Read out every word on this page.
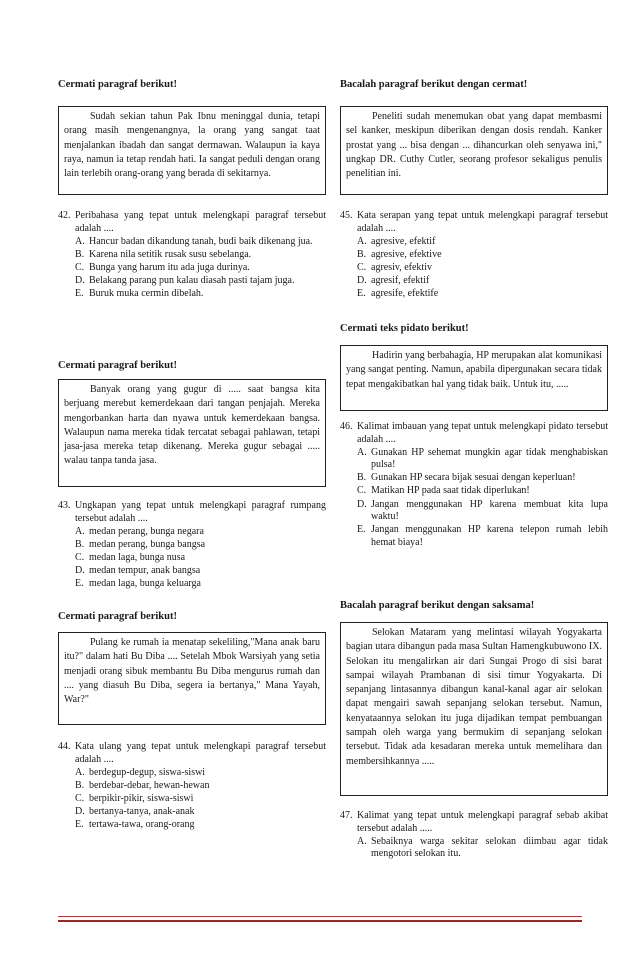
Cermati paragraf berikut!

Sudah sekian tahun Pak Ibnu meninggal dunia, tetapi orang masih mengenangnya, la orang yang sangat taat menjalankan ibadah dan sangat dermawan. Walaupun ia kaya raya, namun ia tetap rendah hati. Ia sangat peduli dengan orang lain terlebih orang-orang yang berada di sekitarnya.

42. Peribahasa yang tepat untuk melengkapi paragraf tersebut adalah ....
A. Hancur badan dikandung tanah, budi baik dikenang jua.
B. Karena nila setitik rusak susu sebelanga.
C. Bunga yang harum itu ada juga durinya.
D. Belakang parang pun kalau diasah pasti tajam juga.
E. Buruk muka cermin dibelah.
Cermati paragraf berikut!

Banyak orang yang gugur di ..... saat bangsa kita berjuang merebut kemerdekaan dari tangan penjajah. Mereka mengorbankan harta dan nyawa untuk kemerdekaan bangsa. Walaupun nama mereka tidak tercatat sebagai pahlawan, tetapi jasa-jasa mereka tetap dikenang. Mereka gugur sebagai ..... walau tanpa tanda jasa.

43. Ungkapan yang tepat untuk melengkapi paragraf rumpang tersebut adalah ....
A. medan perang, bunga negara
B. medan perang, bunga bangsa
C. medan laga, bunga nusa
D. medan tempur, anak bangsa
E. medan laga, bunga keluarga
Cermati paragraf berikut!

Pulang ke rumah ia menatap sekeliling,"Mana anak baru itu?" dalam hati Bu Diba .... Setelah Mbok Warsiyah yang setia menjadi orang sibuk membantu Bu Diba mengurus rumah dan .... yang diasuh Bu Diba, segera ia bertanya," Mana Yayah, War?"

44. Kata ulang yang tepat untuk melengkapi paragraf tersebut adalah ....
A. berdegup-degup, siswa-siswi
B. berdebar-debar, hewan-hewan
C. berpikir-pikir, siswa-siswi
D. bertanya-tanya, anak-anak
E. tertawa-tawa, orang-orang
Bacalah paragraf berikut dengan cermat!

Peneliti sudah menemukan obat yang dapat membasmi sel kanker, meskipun diberikan dengan dosis rendah. Kanker prostat yang ... bisa dengan ... dihancurkan oleh senyawa ini," ungkap DR. Cuthy Cutler, seorang profesor sekaligus penulis penelitian ini.

45. Kata serapan yang tepat untuk melengkapi paragraf tersebut adalah ....
A. agresive, efektif
B. agresive, efektive
C. agresiv, efektiv
D. agresif, efektif
E. agresife, efektife
Cermati teks pidato berikut!

Hadirin yang berbahagia, HP merupakan alat komunikasi yang sangat penting. Namun, apabila dipergunakan secara tidak tepat mengakibatkan hal yang tidak baik. Untuk itu, .....

46. Kalimat imbauan yang tepat untuk melengkapi pidato tersebut adalah ....
A. Gunakan HP sehemat mungkin agar tidak menghabiskan pulsa!
B. Gunakan HP secara bijak sesuai dengan keperluan!
C. Matikan HP pada saat tidak diperlukan!
D. Jangan menggunakan HP karena membuat kita lupa waktu!
E. Jangan menggunakan HP karena telepon rumah lebih hemat biaya!
Bacalah paragraf berikut dengan saksama!

Selokan Mataram yang melintasi wilayah Yogyakarta bagian utara dibangun pada masa Sultan Hamengkubuwono IX. Selokan itu mengalirkan air dari Sungai Progo di sisi barat sampai wilayah Prambanan di sisi timur Yogyakarta. Di sepanjang lintasannya dibangun kanal-kanal agar air selokan dapat mengairi sawah sepanjang selokan tersebut. Namun, kenyataannya selokan itu juga dijadikan tempat pembuangan sampah oleh warga yang bermukim di sepanjang selokan tersebut. Tidak ada kesadaran mereka untuk memelihara dan membersihkannya .....

47. Kalimat yang tepat untuk melengkapi paragraf sebab akibat tersebut adalah .....
A. Sebaiknya warga sekitar selokan diimbau agar tidak mengotori selokan itu.
